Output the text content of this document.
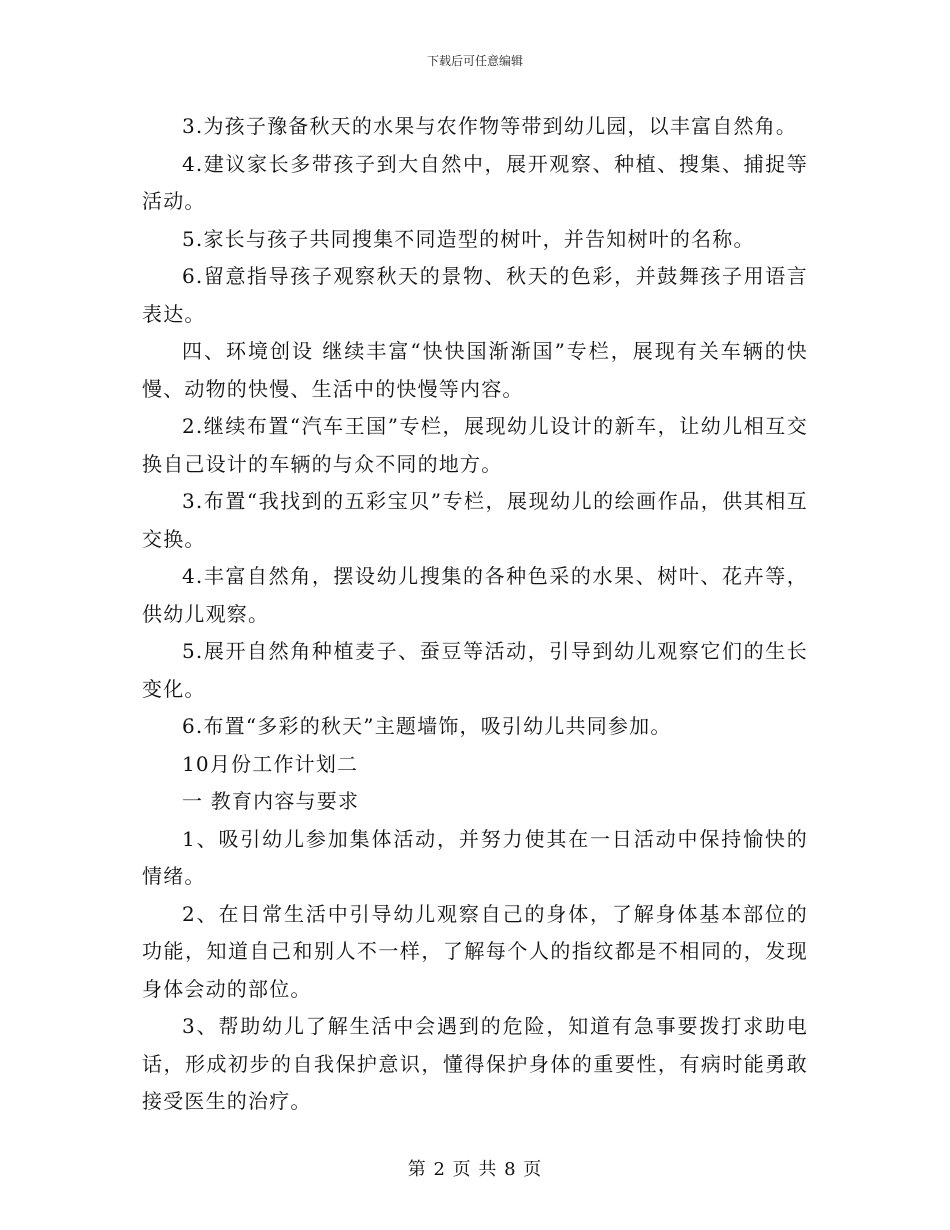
下载后可任意编辑

3.为孩子豫备秋天的水果与农作物等带到幼儿园，以丰富自然角。

4.建议家长多带孩子到大自然中，展开观察、种植、搜集、捕捉等活动。

5.家长与孩子共同搜集不同造型的树叶，并告知树叶的名称。

6.留意指导孩子观察秋天的景物、秋天的色彩，并鼓舞孩子用语言表达。

四、环境创设 继续丰富“快快国渐渐国”专栏，展现有关车辆的快慢、动物的快慢、生活中的快慢等内容。

2.继续布置“汽车王国”专栏，展现幼儿设计的新车，让幼儿相互交换自己设计的车辆的与众不同的地方。

3.布置“我找到的五彩宝贝”专栏，展现幼儿的绘画作品，供其相互交换。

4.丰富自然角，摆设幼儿搜集的各种色采的水果、树叶、花卉等，供幼儿观察。

5.展开自然角种植麦子、蚕豆等活动，引导到幼儿观察它们的生长变化。

6.布置“多彩的秋天”主题墙饰，吸引幼儿共同参加。

10月份工作计划二

一 教育内容与要求

1、吸引幼儿参加集体活动，并努力使其在一日活动中保持愉快的情绪。

2、在日常生活中引导幼儿观察自己的身体，了解身体基本部位的功能，知道自己和别人不一样，了解每个人的指纹都是不相同的，发现身体会动的部位。

3、帮助幼儿了解生活中会遇到的危险，知道有急事要拨打求助电话，形成初步的自我保护意识，懂得保护身体的重要性，有病时能勇敢接受医生的治疗。

第 2 页 共 8 页
